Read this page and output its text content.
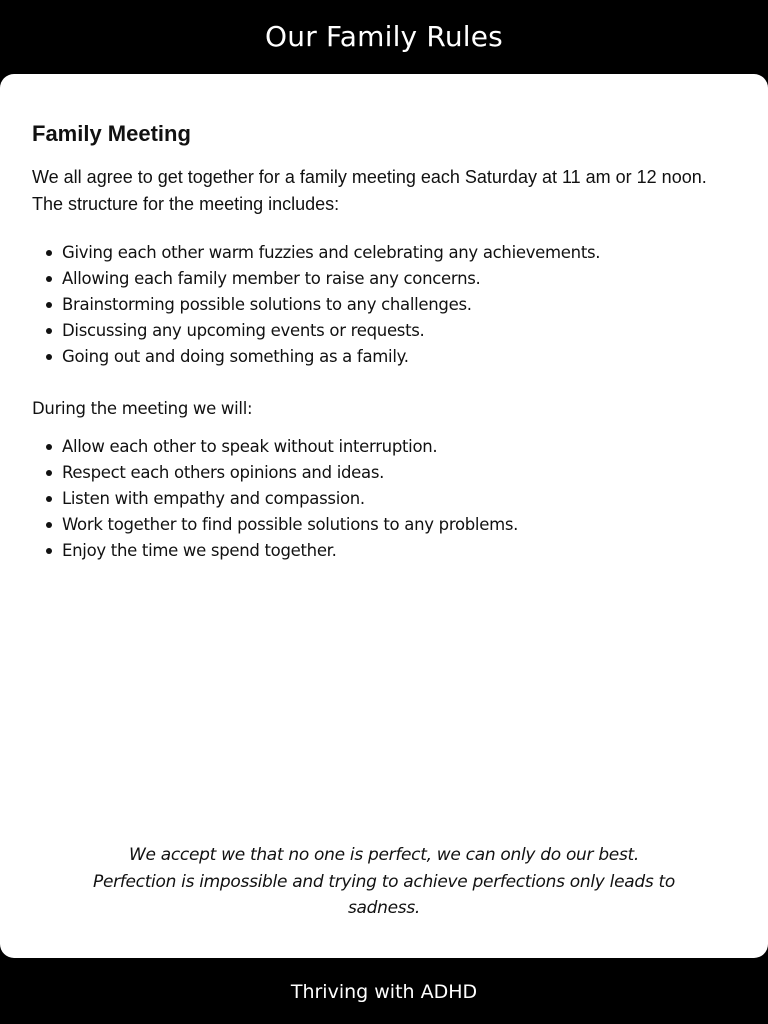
Our Family Rules
Family Meeting

We all agree to get together for a family meeting each Saturday at 11 am or 12 noon. The structure for the meeting includes:

Giving each other warm fuzzies and celebrating any achievements.
Allowing each family member to raise any concerns.
Brainstorming possible solutions to any challenges.
Discussing any upcoming events or requests.
Going out and doing something as a family.

During the meeting we will:

Allow each other to speak without interruption.
Respect each others opinions and ideas.
Listen with empathy and compassion.
Work together to find possible solutions to any problems.
Enjoy the time we spend together.
We accept we that no one is perfect, we can only do our best.
Perfection is impossible and trying to achieve perfections only leads to sadness.
Thriving with ADHD
